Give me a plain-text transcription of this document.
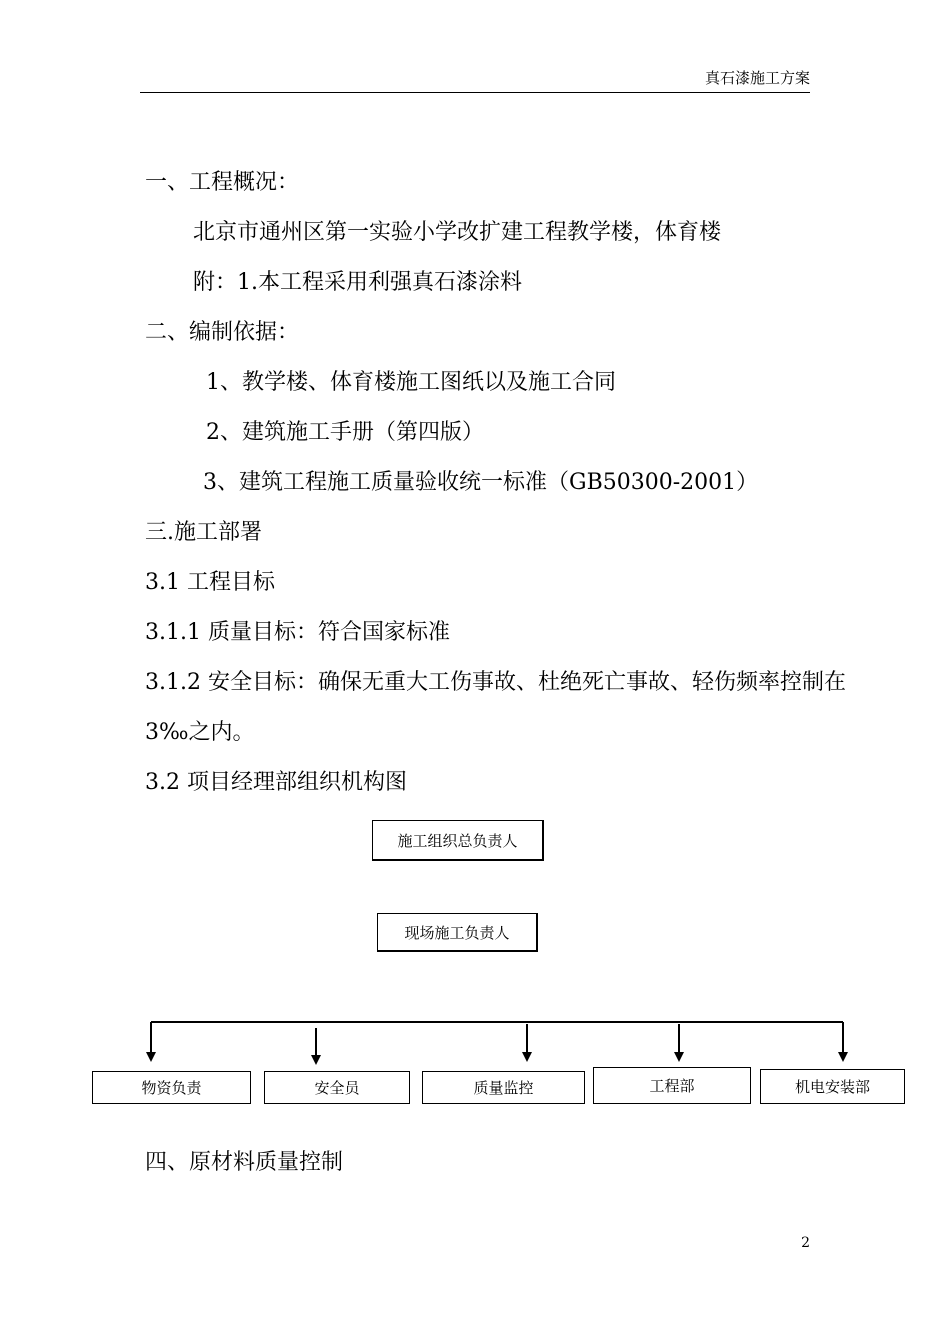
真石漆施工方案
一、工程概况：
北京市通州区第一实验小学改扩建工程教学楼，体育楼
附：1.本工程采用利强真石漆涂料
二、编制依据：
1、教学楼、体育楼施工图纸以及施工合同
2、建筑施工手册（第四版）
3、建筑工程施工质量验收统一标准（GB50300-2001）
三.施工部署
3.1 工程目标
3.1.1 质量目标：符合国家标准
3.1.2 安全目标：确保无重大工伤事故、杜绝死亡事故、轻伤频率控制在
3‰之内。
3.2 项目经理部组织机构图
施工组织总负责人
现场施工负责人
物资负责	安全员	质量监控	工程部	机电安装部
四、原材料质量控制
2
